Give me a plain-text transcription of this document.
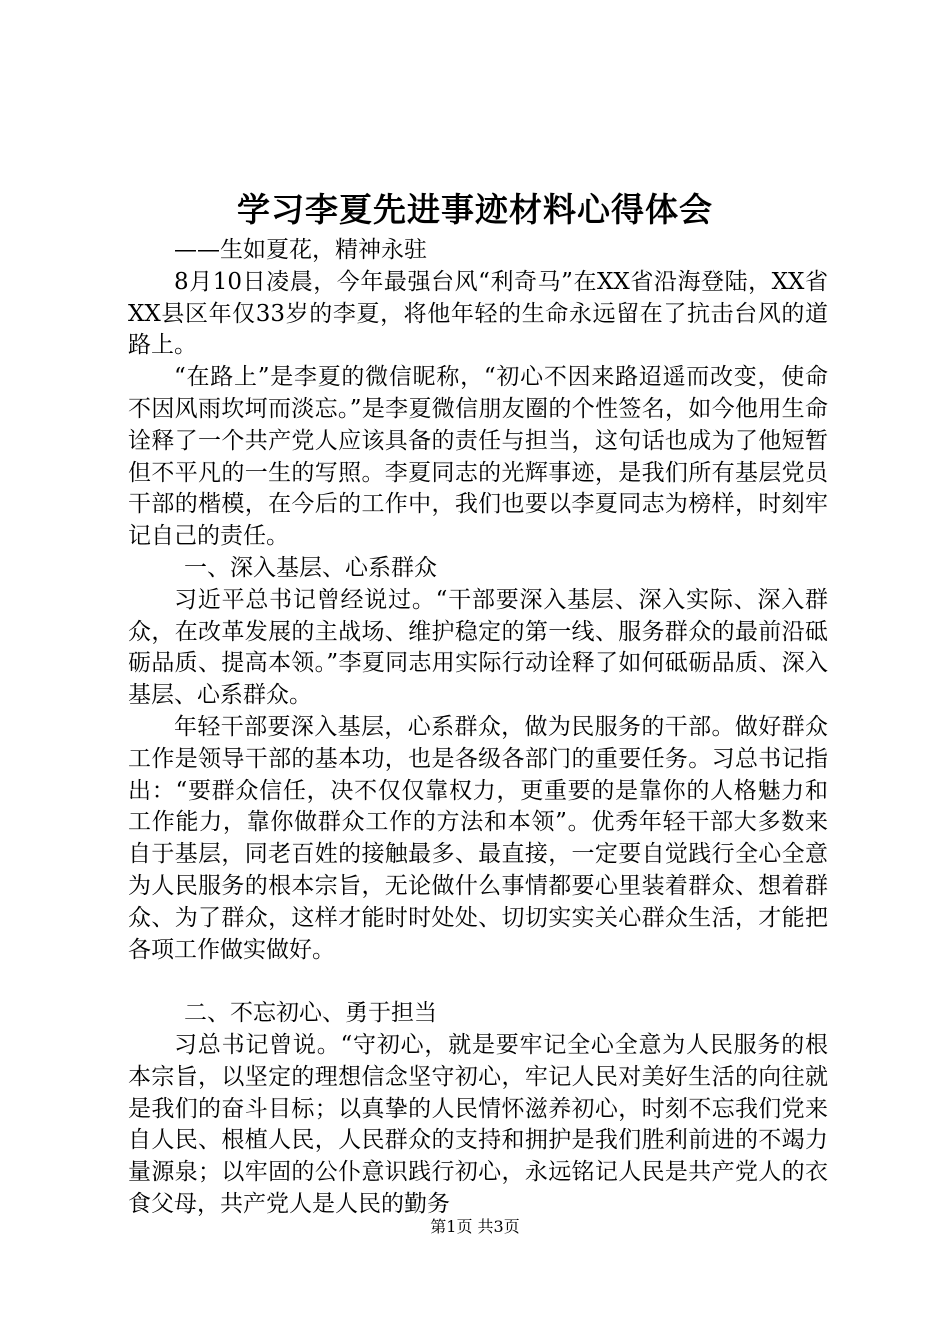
学习李夏先进事迹材料心得体会

——生如夏花，精神永驻

8月10日凌晨，今年最强台风“利奇马”在XX省沿海登陆，XX省XX县区年仅33岁的李夏，将他年轻的生命永远留在了抗击台风的道路上。

“在路上”是李夏的微信昵称，“初心不因来路迢遥而改变，使命不因风雨坎坷而淡忘。”是李夏微信朋友圈的个性签名，如今他用生命诠释了一个共产党人应该具备的责任与担当，这句话也成为了他短暂但不平凡的一生的写照。李夏同志的光辉事迹，是我们所有基层党员干部的楷模，在今后的工作中，我们也要以李夏同志为榜样，时刻牢记自己的责任。

一、深入基层、心系群众

习近平总书记曾经说过。“干部要深入基层、深入实际、深入群众，在改革发展的主战场、维护稳定的第一线、服务群众的最前沿砥砺品质、提高本领。”李夏同志用实际行动诠释了如何砥砺品质、深入基层、心系群众。

年轻干部要深入基层，心系群众，做为民服务的干部。做好群众工作是领导干部的基本功，也是各级各部门的重要任务。习总书记指出：“要群众信任，决不仅仅靠权力，更重要的是靠你的人格魅力和工作能力，靠你做群众工作的方法和本领”。优秀年轻干部大多数来自于基层，同老百姓的接触最多、最直接，一定要自觉践行全心全意为人民服务的根本宗旨，无论做什么事情都要心里装着群众、想着群众、为了群众，这样才能时时处处、切切实实关心群众生活，才能把各项工作做实做好。

二、不忘初心、勇于担当

习总书记曾说。“守初心，就是要牢记全心全意为人民服务的根本宗旨，以坚定的理想信念坚守初心，牢记人民对美好生活的向往就是我们的奋斗目标；以真挚的人民情怀滋养初心，时刻不忘我们党来自人民、根植人民，人民群众的支持和拥护是我们胜利前进的不竭力量源泉；以牢固的公仆意识践行初心，永远铭记人民是共产党人的衣食父母，共产党人是人民的勤务

第1页 共3页
